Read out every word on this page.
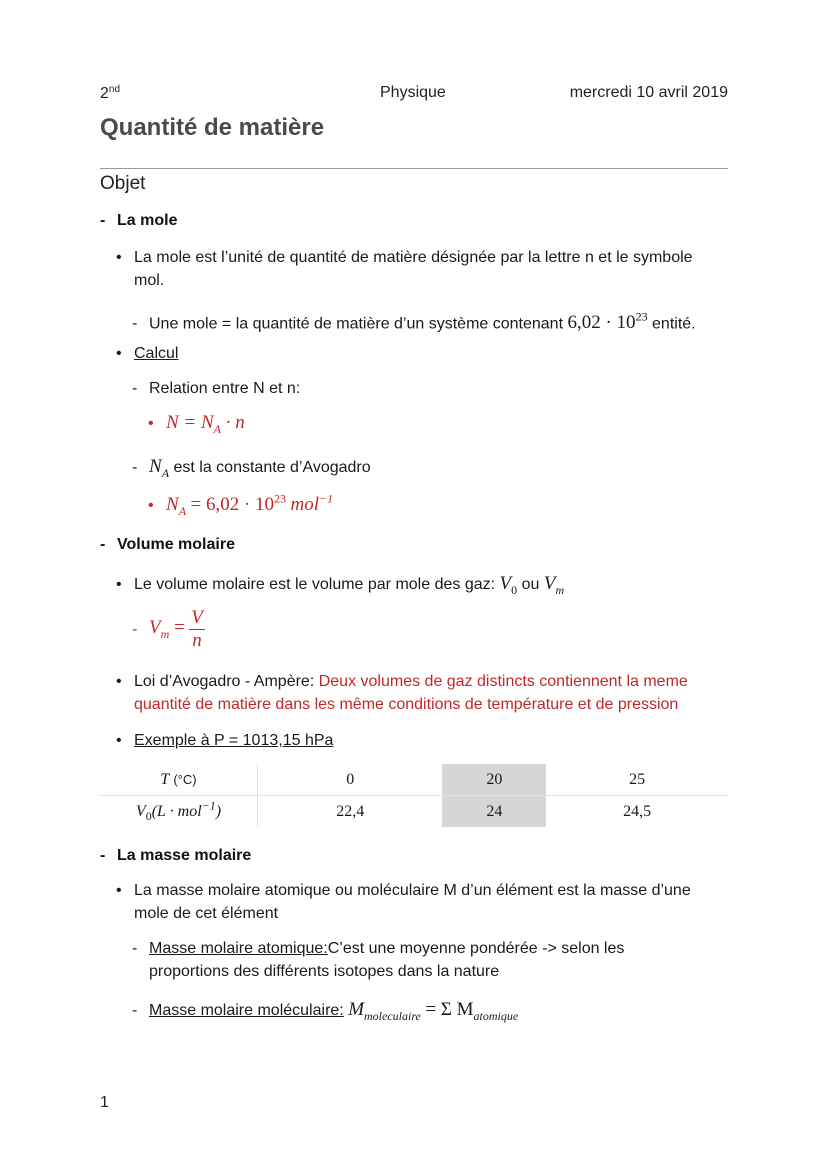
2nd	Physique	mercredi 10 avril 2019
Quantité de matière
Objet
- La mole
• La mole est l’unité de quantité de matière désignée par la lettre n et le symbole
mol.
- Une mole = la quantité de matière d’un système contenant $6,02 \cdot 10^{23}$ entité.
• Calcul
- Relation entre N et n:
• $N = N_A \cdot n$
- $N_A$ est la constante d’Avogadro
• $N_A = 6,02 \cdot 10^{23}$ mol$^{-1}$
- Volume molaire
• Le volume molaire est le volume par mole des gaz: $V_0$ ou $V_m$
- $V_m = \frac{V}{n}$
• Loi d’Avogadro - Ampère: Deux volumes de gaz distincts contiennent la meme
quantité de matière dans les même conditions de température et de pression
• Exemple à P = 1013,15 hPa
T (°C)	0	20	25
$V_0(L \cdot mol^{-1})$	22,4	24	24,5
- La masse molaire
• La masse molaire atomique ou moléculaire M d’un élément est la masse d’une
mole de cet élément
- Masse molaire atomique:C’est une moyenne pondérée -> selon les
proportions des différents isotopes dans la nature
- Masse molaire moléculaire: $M_{moleculaire} = \Sigma$ $M_{atomique}$
1
